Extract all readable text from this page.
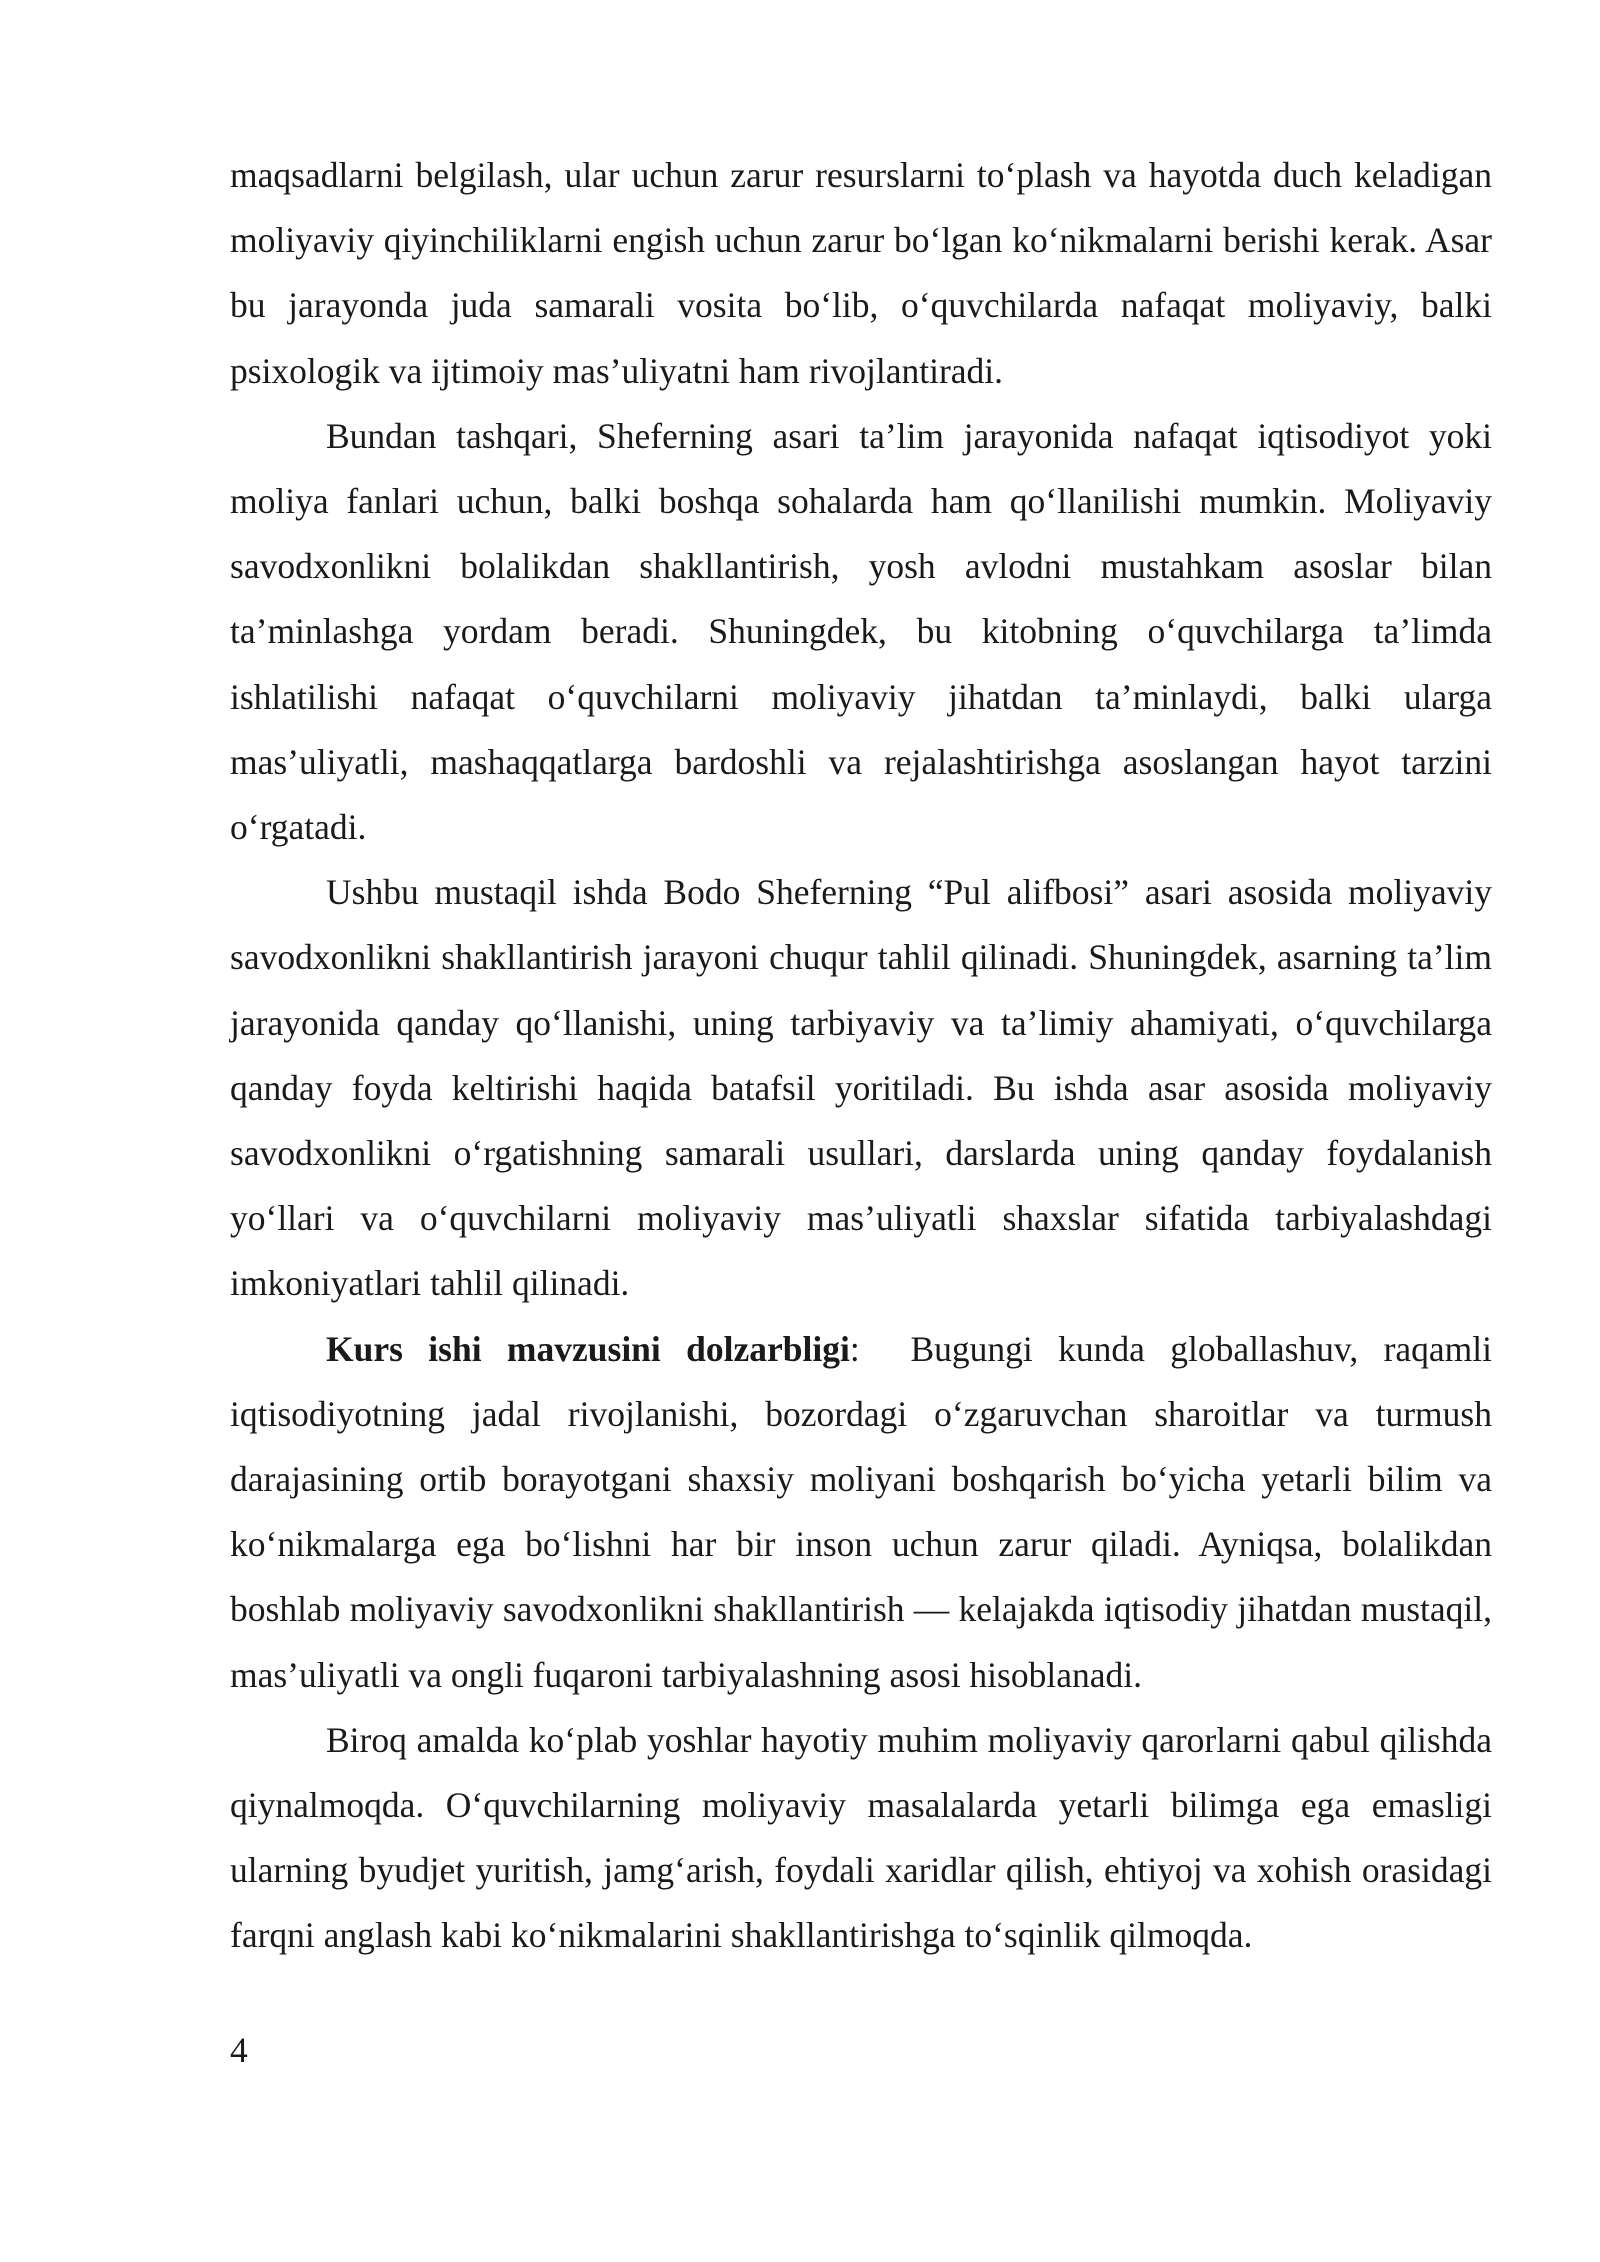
maqsadlarni belgilash, ular uchun zarur resurslarni to‘plash va hayotda duch keladigan moliyaviy qiyinchiliklarni engish uchun zarur bo‘lgan ko‘nikmalarni berishi kerak. Asar bu jarayonda juda samarali vosita bo‘lib, o‘quvchilarda nafaqat moliyaviy, balki psixologik va ijtimoiy mas’uliyatni ham rivojlantiradi.

Bundan tashqari, Sheferning asari ta’lim jarayonida nafaqat iqtisodiyot yoki moliya fanlari uchun, balki boshqa sohalarda ham qo‘llanilishi mumkin. Moliyaviy savodxonlikni bolalikdan shakllantirish, yosh avlodni mustahkam asoslar bilan ta’minlashga yordam beradi. Shuningdek, bu kitobning o‘quvchilarga ta’limda ishlatilishi nafaqat o‘quvchilarni moliyaviy jihatdan ta’minlaydi, balki ularga mas’uliyatli, mashaqqatlarga bardoshli va rejalashtirishga asoslangan hayot tarzini o‘rgatadi.

Ushbu mustaqil ishda Bodo Sheferning “Pul alifbosi” asari asosida moliyaviy savodxonlikni shakllantirish jarayoni chuqur tahlil qilinadi. Shuningdek, asarning ta’lim jarayonida qanday qo‘llanishi, uning tarbiyaviy va ta’limiy ahamiyati, o‘quvchilarga qanday foyda keltirishi haqida batafsil yoritiladi. Bu ishda asar asosida moliyaviy savodxonlikni o‘rgatishning samarali usullari, darslarda uning qanday foydalanish yo‘llari va o‘quvchilarni moliyaviy mas’uliyatli shaxslar sifatida tarbiyalashdagi imkoniyatlari tahlil qilinadi.

Kurs ishi mavzusini dolzarbligi: Bugungi kunda globallashuv, raqamli iqtisodiyotning jadal rivojlanishi, bozordagi o‘zgaruvchan sharoitlar va turmush darajasining ortib borayotgani shaxsiy moliyani boshqarish bo‘yicha yetarli bilim va ko‘nikmalarga ega bo‘lishni har bir inson uchun zarur qiladi. Ayniqsa, bolalikdan boshlab moliyaviy savodxonlikni shakllantirish — kelajakda iqtisodiy jihatdan mustaqil, mas’uliyatli va ongli fuqaroni tarbiyalashning asosi hisoblanadi.

Biroq amalda ko‘plab yoshlar hayotiy muhim moliyaviy qarorlarni qabul qilishda qiynalmoqda. O‘quvchilarning moliyaviy masalalarda yetarli bilimga ega emasligi ularning byudjet yuritish, jamg‘arish, foydali xaridlar qilish, ehtiyoj va xohish orasidagi farqni anglash kabi ko‘nikmalarini shakllantirishga to‘sqinlik qilmoqda.

4
